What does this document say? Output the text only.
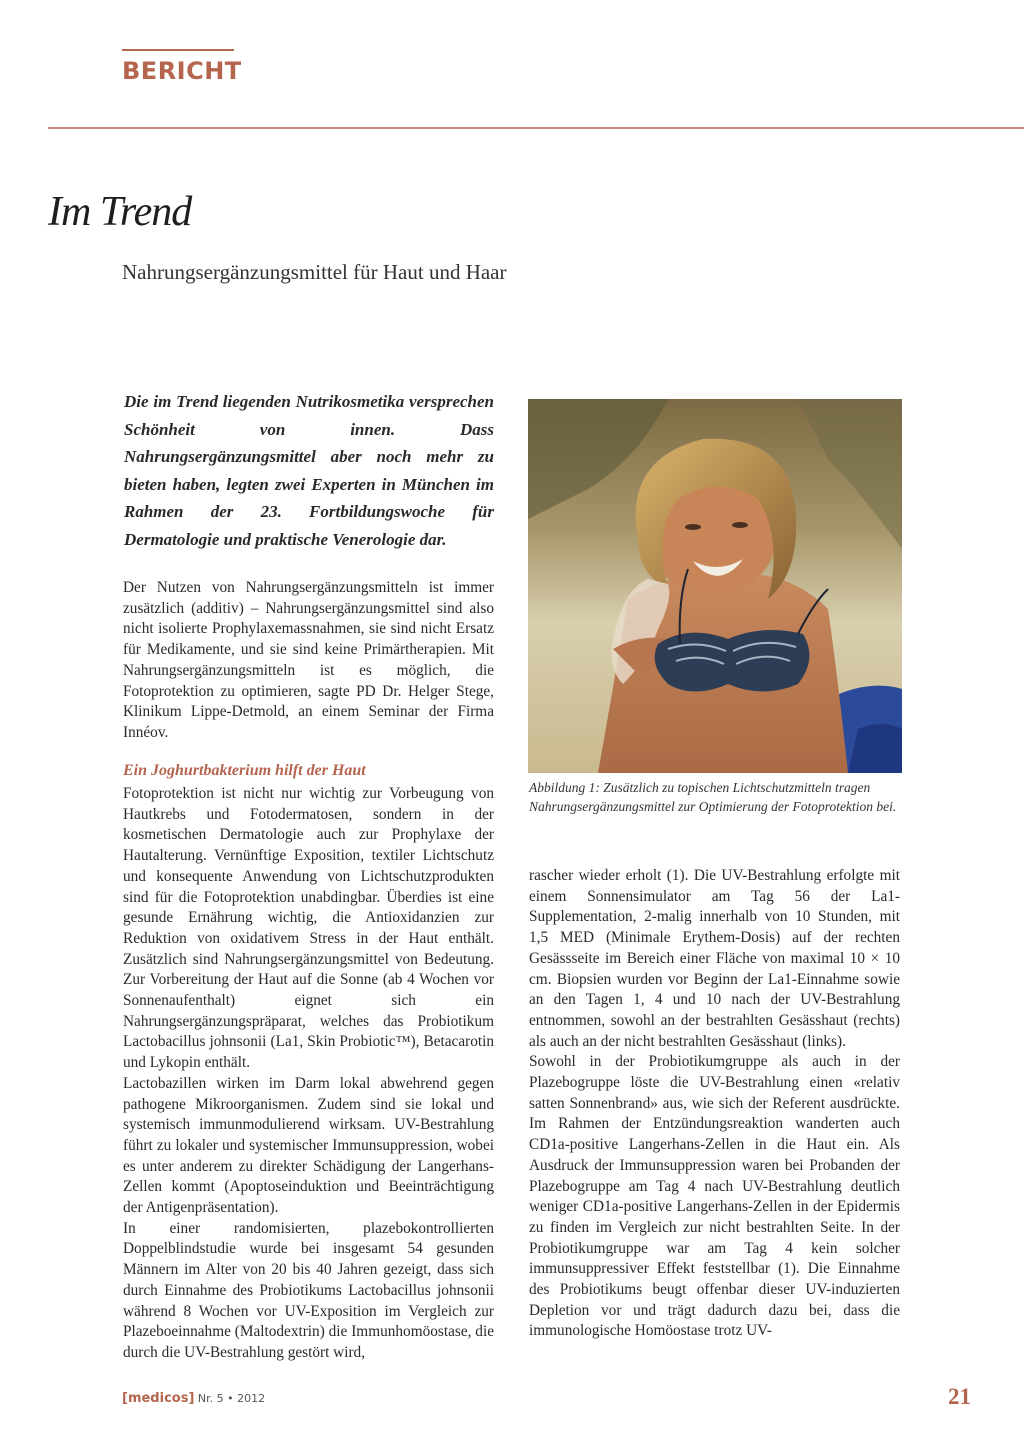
BERICHT
Im Trend
Nahrungsergänzungsmittel für Haut und Haar
Die im Trend liegenden Nutrikosmetika versprechen Schönheit von innen. Dass Nahrungsergänzungsmittel aber noch mehr zu bieten haben, legten zwei Experten in München im Rahmen der 23. Fortbildungswoche für Dermatologie und praktische Venerologie dar.

Der Nutzen von Nahrungsergänzungsmitteln ist immer zusätzlich (additiv) – Nahrungsergänzungsmittel sind also nicht isolierte Prophylaxemassnahmen, sie sind nicht Ersatz für Medikamente, und sie sind keine Primärtherapien. Mit Nahrungsergänzungsmitteln ist es möglich, die Fotoprotektion zu optimieren, sagte PD Dr. Helger Stege, Klinikum Lippe-Detmold, an einem Seminar der Firma Innéov.

Ein Joghurtbakterium hilft der Haut

Fotoprotektion ist nicht nur wichtig zur Vorbeugung von Hautkrebs und Fotodermatosen, sondern in der kosmetischen Dermatologie auch zur Prophylaxe der Hautalterung. Vernünftige Exposition, textiler Lichtschutz und konsequente Anwendung von Lichtschutzprodukten sind für die Fotoprotektion unabdingbar. Überdies ist eine gesunde Ernährung wichtig, die Antioxidanzien zur Reduktion von oxidativem Stress in der Haut enthält. Zusätzlich sind Nahrungsergänzungsmittel von Bedeutung. Zur Vorbereitung der Haut auf die Sonne (ab 4 Wochen vor Sonnenaufenthalt) eignet sich ein Nahrungsergänzungspräparat, welches das Probiotikum Lactobacillus johnsonii (La1, Skin Probiotic™), Betacarotin und Lykopin enthält.

Lactobazillen wirken im Darm lokal abwehrend gegen pathogene Mikroorganismen. Zudem sind sie lokal und systemisch immunmodulierend wirksam. UV-Bestrahlung führt zu lokaler und systemischer Immunsuppression, wobei es unter anderem zu direkter Schädigung der Langerhans-Zellen kommt (Apoptoseinduktion und Beeinträchtigung der Antigenpräsentation).

In einer randomisierten, plazebokontrollierten Doppelblindstudie wurde bei insgesamt 54 gesunden Männern im Alter von 20 bis 40 Jahren gezeigt, dass sich durch Einnahme des Probiotikums Lactobacillus johnsonii während 8 Wochen vor UV-Exposition im Vergleich zur Plazeboeinnahme (Maltodextrin) die Immunhomöostase, die durch die UV-Bestrahlung gestört wird,

Abbildung 1: Zusätzlich zu topischen Lichtschutzmitteln tragen Nahrungsergänzungsmittel zur Optimierung der Fotoprotektion bei.

rascher wieder erholt (1). Die UV-Bestrahlung erfolgte mit einem Sonnensimulator am Tag 56 der La1-Supplementation, 2-malig innerhalb von 10 Stunden, mit 1,5 MED (Minimale Erythem-Dosis) auf der rechten Gesässseite im Bereich einer Fläche von maximal 10 × 10 cm. Biopsien wurden vor Beginn der La1-Einnahme sowie an den Tagen 1, 4 und 10 nach der UV-Bestrahlung entnommen, sowohl an der bestrahlten Gesässhaut (rechts) als auch an der nicht bestrahlten Gesässhaut (links).

Sowohl in der Probiotikumgruppe als auch in der Plazebogruppe löste die UV-Bestrahlung einen «relativ satten Sonnenbrand» aus, wie sich der Referent ausdrückte. Im Rahmen der Entzündungsreaktion wanderten auch CD1a-positive Langerhans-Zellen in die Haut ein. Als Ausdruck der Immunsuppression waren bei Probanden der Plazebogruppe am Tag 4 nach UV-Bestrahlung deutlich weniger CD1a-positive Langerhans-Zellen in der Epidermis zu finden im Vergleich zur nicht bestrahlten Seite. In der Probiotikumgruppe war am Tag 4 kein solcher immunsuppressiver Effekt feststellbar (1). Die Einnahme des Probiotikums beugt offenbar dieser UV-induzierten Depletion vor und trägt dadurch dazu bei, dass die immunologische Homöostase trotz UV-

[medicos] Nr. 5 • 2012	21
